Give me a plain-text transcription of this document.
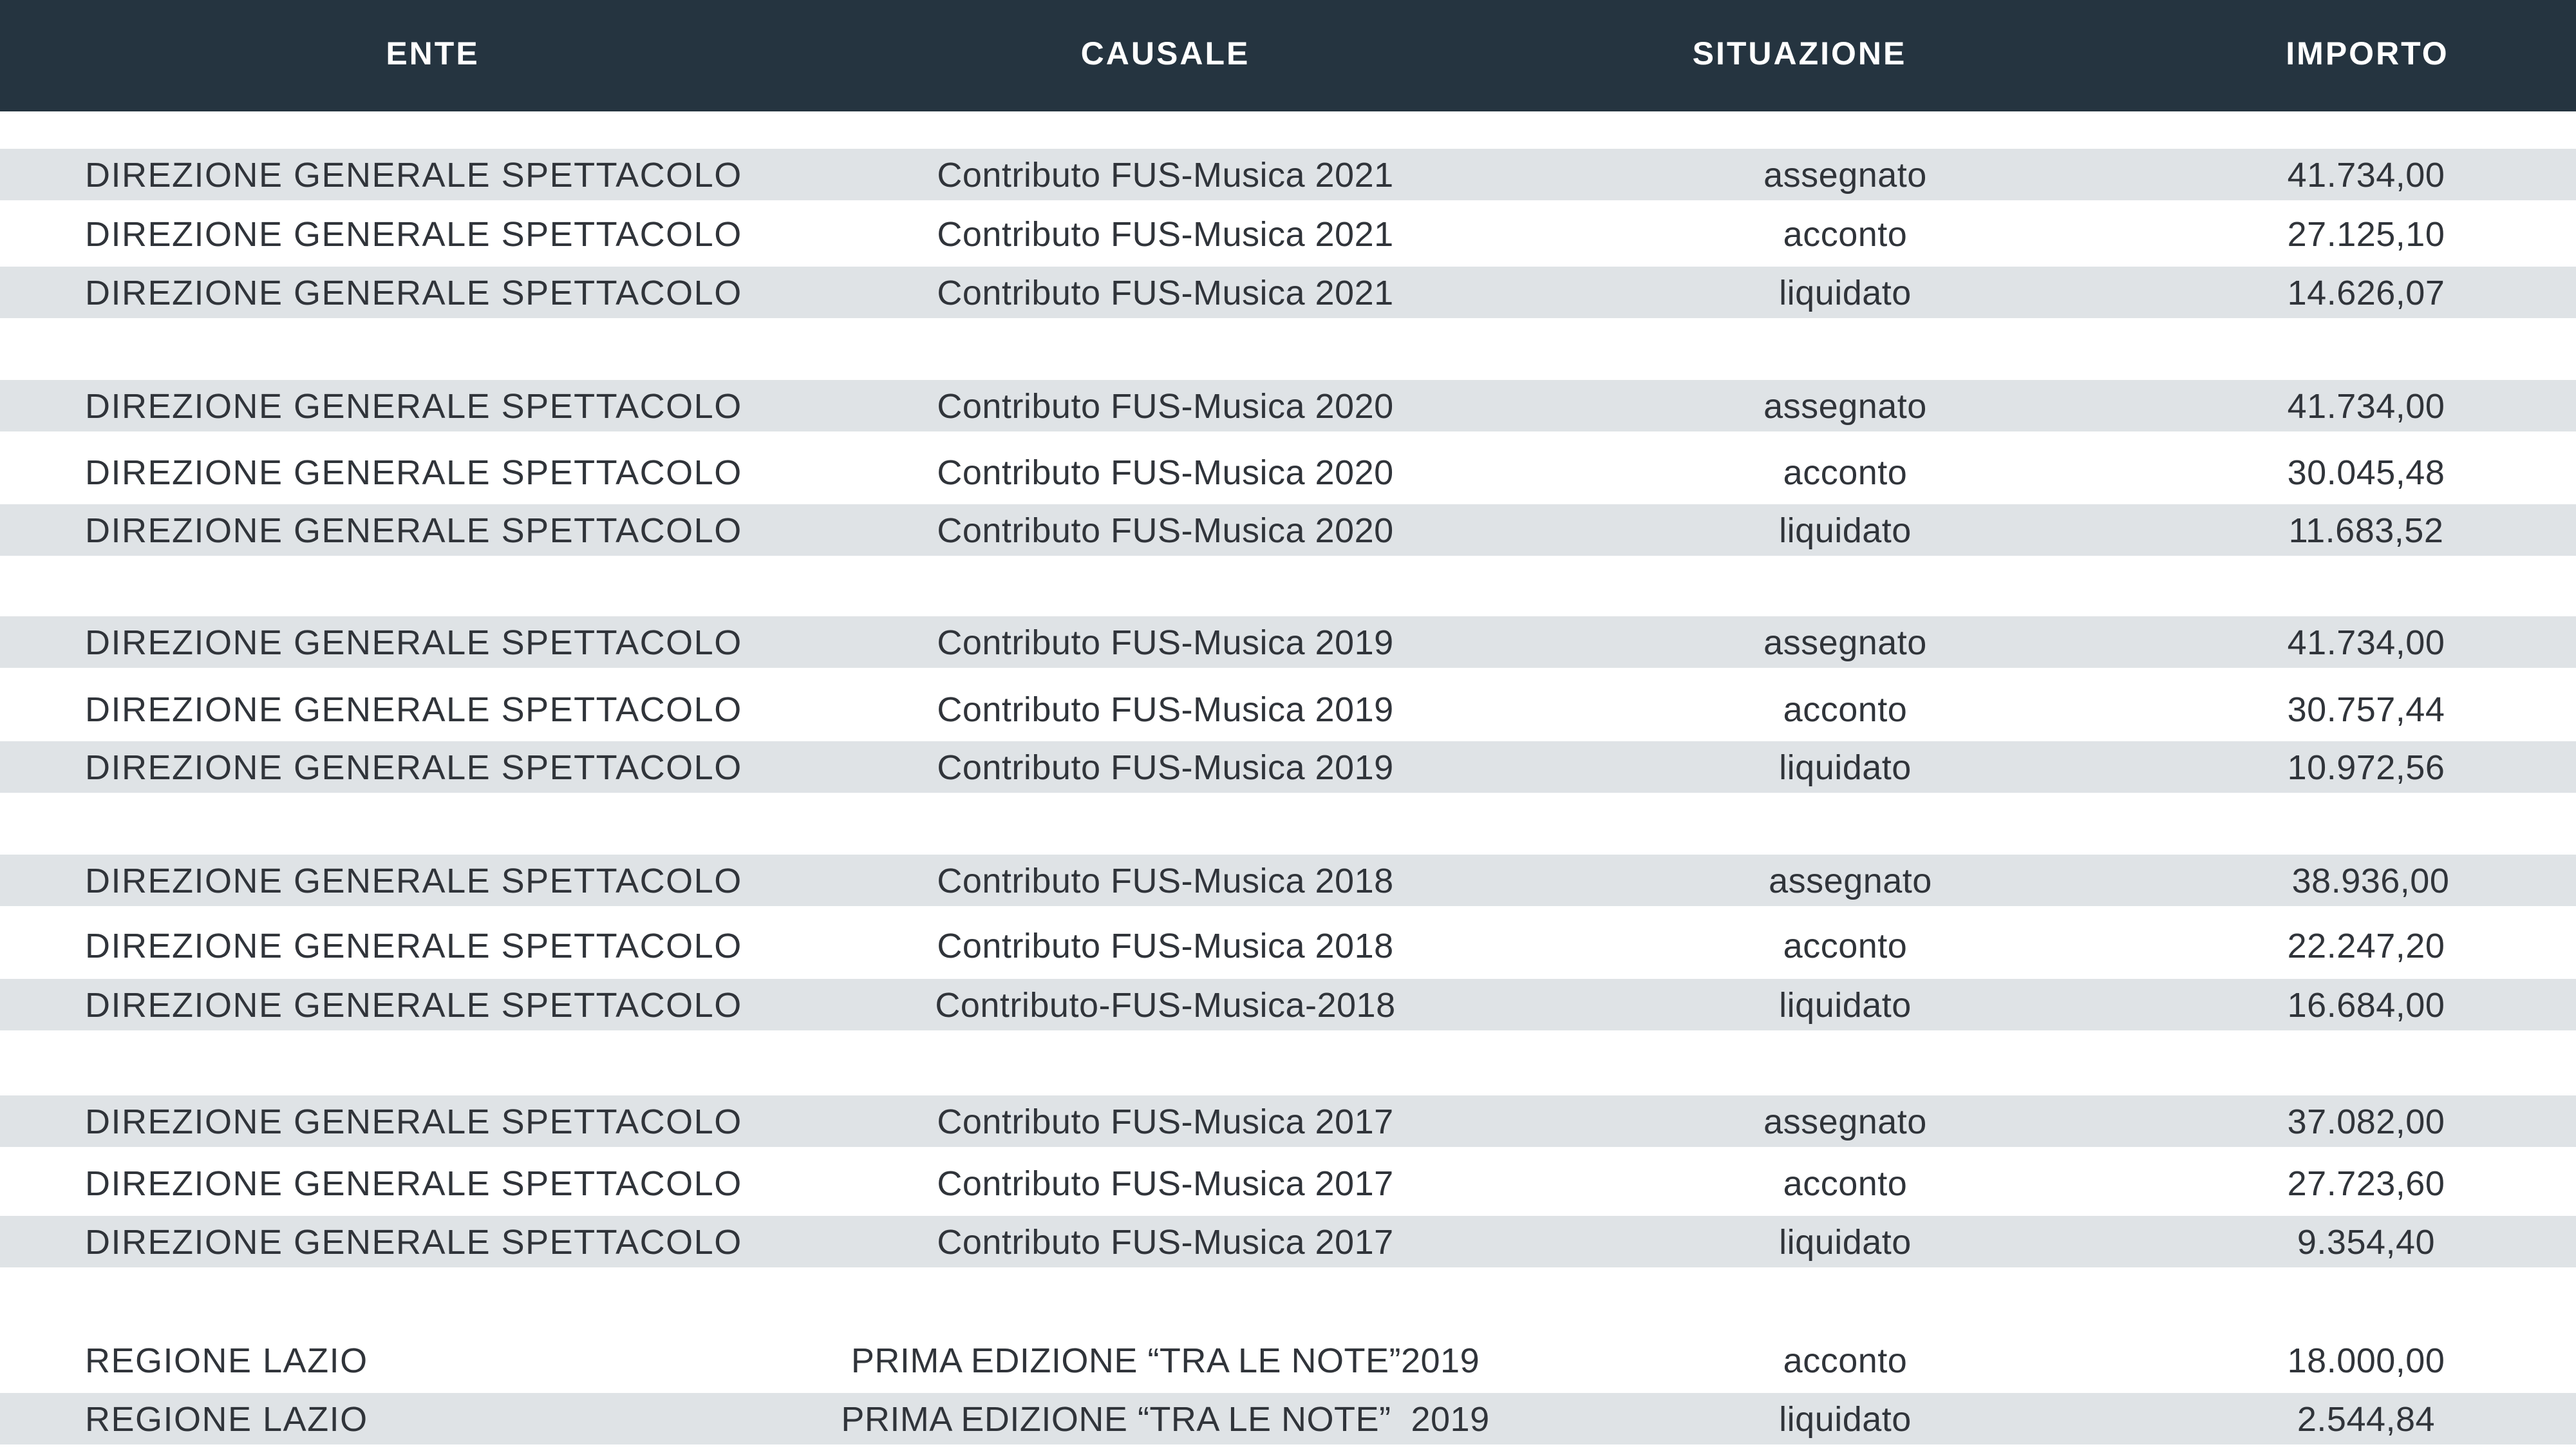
ENTE	CAUSALE	SITUAZIONE	IMPORTO
DIREZIONE GENERALE SPETTACOLO	Contributo FUS-Musica 2021	assegnato	41.734,00
DIREZIONE GENERALE SPETTACOLO	Contributo FUS-Musica 2021	acconto	27.125,10
DIREZIONE GENERALE SPETTACOLO	Contributo FUS-Musica 2021	liquidato	14.626,07
DIREZIONE GENERALE SPETTACOLO	Contributo FUS-Musica 2020	assegnato	41.734,00
DIREZIONE GENERALE SPETTACOLO	Contributo FUS-Musica 2020	acconto	30.045,48
DIREZIONE GENERALE SPETTACOLO	Contributo FUS-Musica 2020	liquidato	11.683,52
DIREZIONE GENERALE SPETTACOLO	Contributo FUS-Musica 2019	assegnato	41.734,00
DIREZIONE GENERALE SPETTACOLO	Contributo FUS-Musica 2019	acconto	30.757,44
DIREZIONE GENERALE SPETTACOLO	Contributo FUS-Musica 2019	liquidato	10.972,56
DIREZIONE GENERALE SPETTACOLO	Contributo FUS-Musica 2018	assegnato	38.936,00
DIREZIONE GENERALE SPETTACOLO	Contributo FUS-Musica 2018	acconto	22.247,20
DIREZIONE GENERALE SPETTACOLO	Contributo-FUS-Musica-2018	liquidato	16.684,00
DIREZIONE GENERALE SPETTACOLO	Contributo FUS-Musica 2017	assegnato	37.082,00
DIREZIONE GENERALE SPETTACOLO	Contributo FUS-Musica 2017	acconto	27.723,60
DIREZIONE GENERALE SPETTACOLO	Contributo FUS-Musica 2017	liquidato	9.354,40
REGIONE LAZIO	PRIMA EDIZIONE “TRA LE NOTE”2019	acconto	18.000,00
REGIONE LAZIO	PRIMA EDIZIONE “TRA LE NOTE”  2019	liquidato	2.544,84
